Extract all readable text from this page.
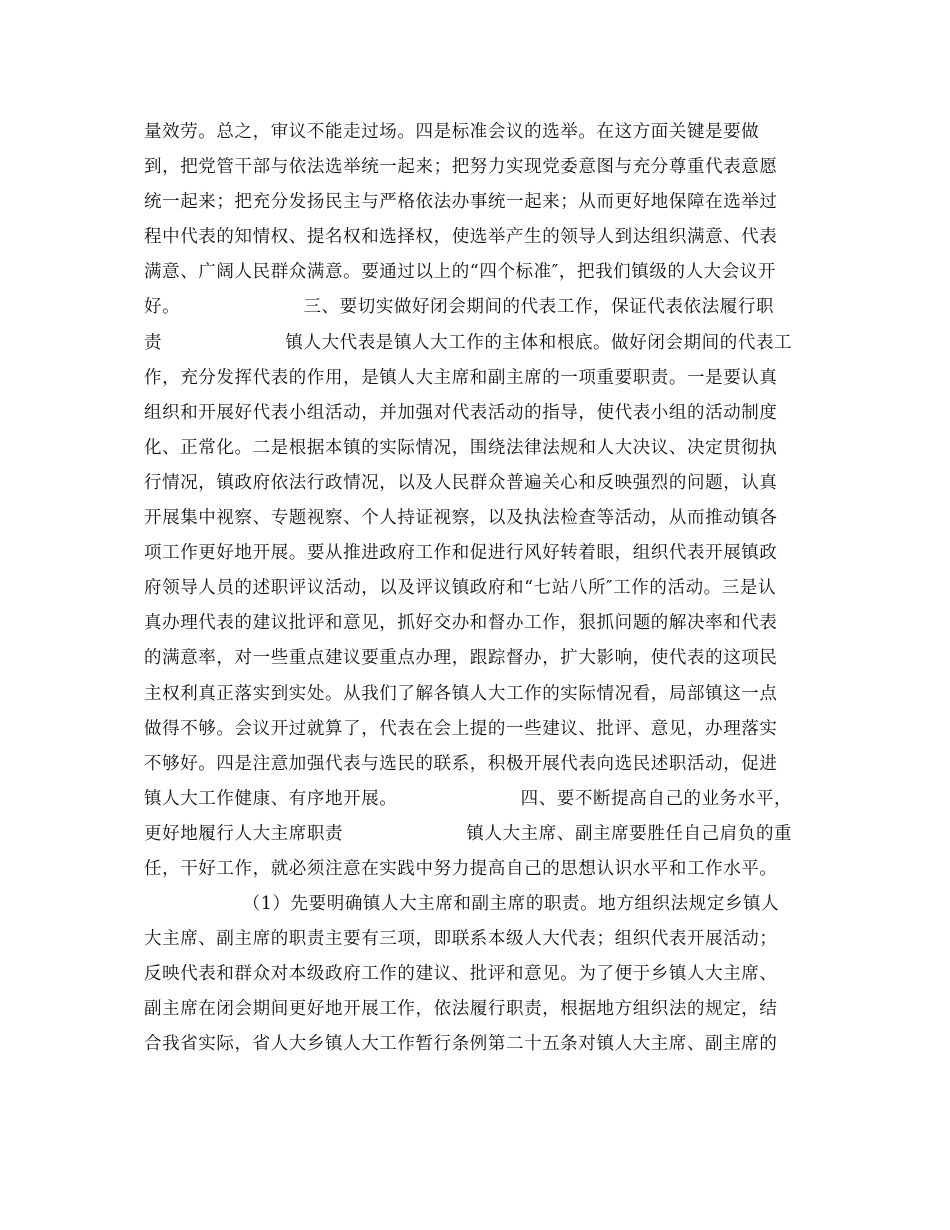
量效劳。总之，审议不能走过场。四是标准会议的选举。在这方面关键是要做
到，把党管干部与依法选举统一起来；把努力实现党委意图与充分尊重代表意愿
统一起来；把充分发扬民主与严格依法办事统一起来；从而更好地保障在选举过
程中代表的知情权、提名权和选择权，使选举产生的领导人到达组织满意、代表
满意、广阔人民群众满意。要通过以上的“四个标准″，把我们镇级的人大会议开
好。                    三、要切实做好闭会期间的代表工作，保证代表依法履行职
责                    镇人大代表是镇人大工作的主体和根底。做好闭会期间的代表工
作，充分发挥代表的作用，是镇人大主席和副主席的一项重要职责。一是要认真
组织和开展好代表小组活动，并加强对代表活动的指导，使代表小组的活动制度
化、正常化。二是根据本镇的实际情况，围绕法律法规和人大决议、决定贯彻执
行情况，镇政府依法行政情况，以及人民群众普遍关心和反映强烈的问题，认真
开展集中视察、专题视察、个人持证视察，以及执法检查等活动，从而推动镇各
项工作更好地开展。要从推进政府工作和促进行风好转着眼，组织代表开展镇政
府领导人员的述职评议活动，以及评议镇政府和“七站八所″工作的活动。三是认
真办理代表的建议批评和意见，抓好交办和督办工作，狠抓问题的解决率和代表
的满意率，对一些重点建议要重点办理，跟踪督办，扩大影响，使代表的这项民
主权利真正落实到实处。从我们了解各镇人大工作的实际情况看，局部镇这一点
做得不够。会议开过就算了，代表在会上提的一些建议、批评、意见，办理落实
不够好。四是注意加强代表与选民的联系，积极开展代表向选民述职活动，促进
镇人大工作健康、有序地开展。                    四、要不断提高自己的业务水平，
更好地履行人大主席职责                    镇人大主席、副主席要胜任自己肩负的重
任，干好工作，就必须注意在实践中努力提高自己的思想认识水平和工作水平。
（1）先要明确镇人大主席和副主席的职责。地方组织法规定乡镇人
大主席、副主席的职责主要有三项，即联系本级人大代表；组织代表开展活动；
反映代表和群众对本级政府工作的建议、批评和意见。为了便于乡镇人大主席、
副主席在闭会期间更好地开展工作，依法履行职责，根据地方组织法的规定，结
合我省实际，省人大乡镇人大工作暂行条例第二十五条对镇人大主席、副主席的
